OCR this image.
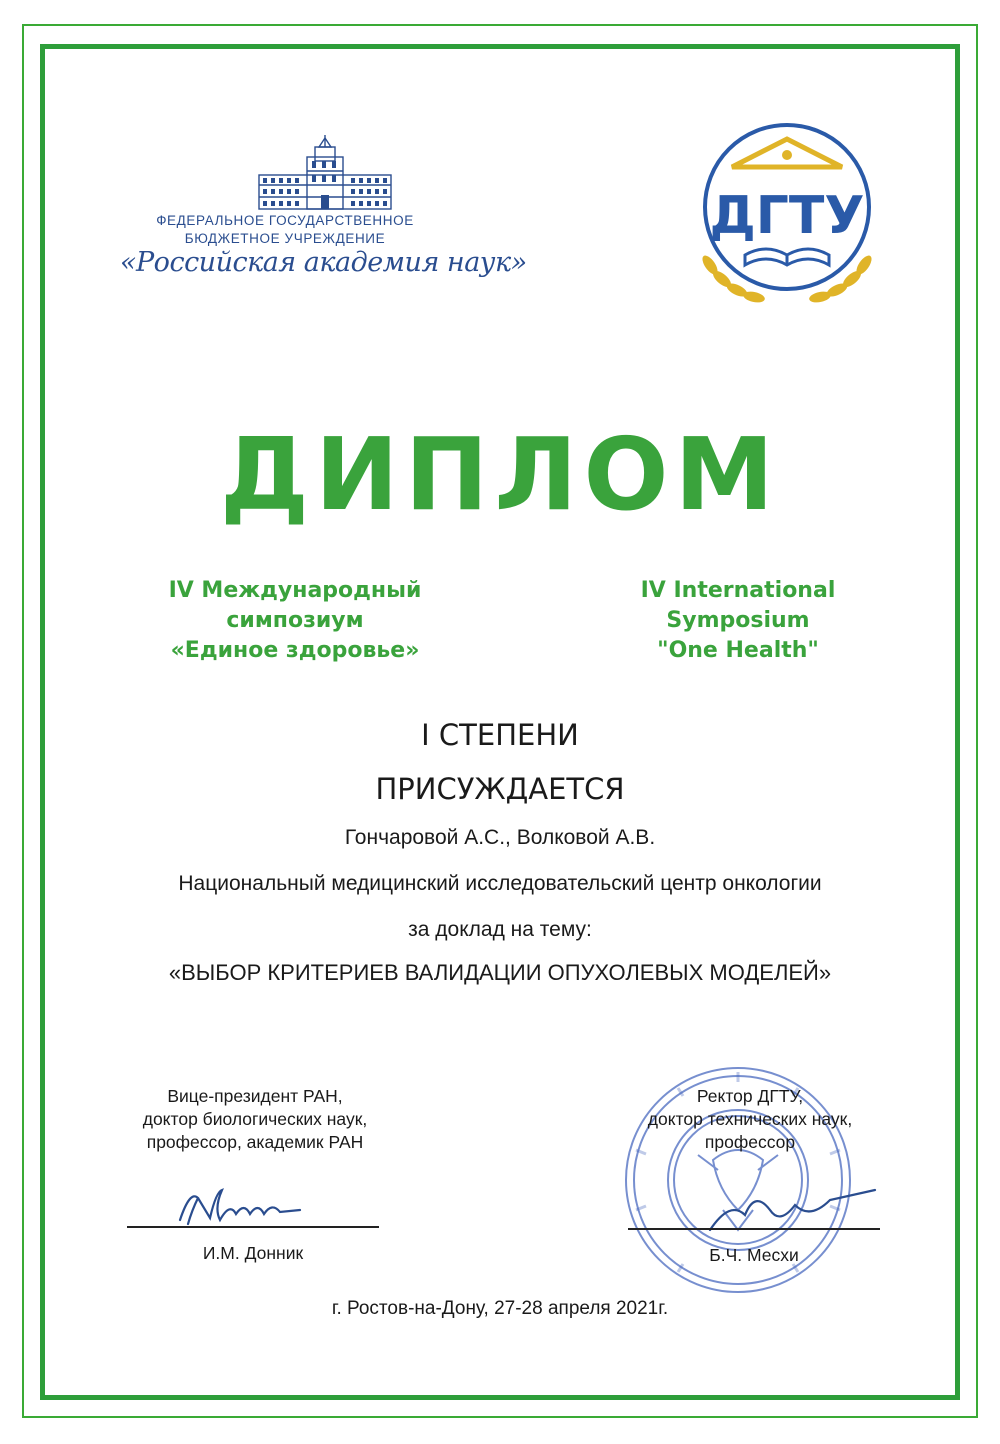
ФЕДЕРАЛЬНОЕ ГОСУДАРСТВЕННОЕ
БЮДЖЕТНОЕ УЧРЕЖДЕНИЕ
«Российская академия наук»
ДГТУ
ДИПЛОМ
IV Международный
симпозиум
«Единое здоровье»
IV International
Symposium
"One Health"
I СТЕПЕНИ
ПРИСУЖДАЕТСЯ
Гончаровой А.С., Волковой А.В.
Национальный медицинский исследовательский центр онкологии
за доклад на тему:
«ВЫБОР КРИТЕРИЕВ ВАЛИДАЦИИ ОПУХОЛЕВЫХ МОДЕЛЕЙ»
Вице-президент РАН,
доктор биологических наук,
профессор, академик РАН
И.М. Донник
Ректор ДГТУ,
доктор технических наук,
профессор
Б.Ч. Месхи
г. Ростов-на-Дону, 27-28 апреля 2021г.
